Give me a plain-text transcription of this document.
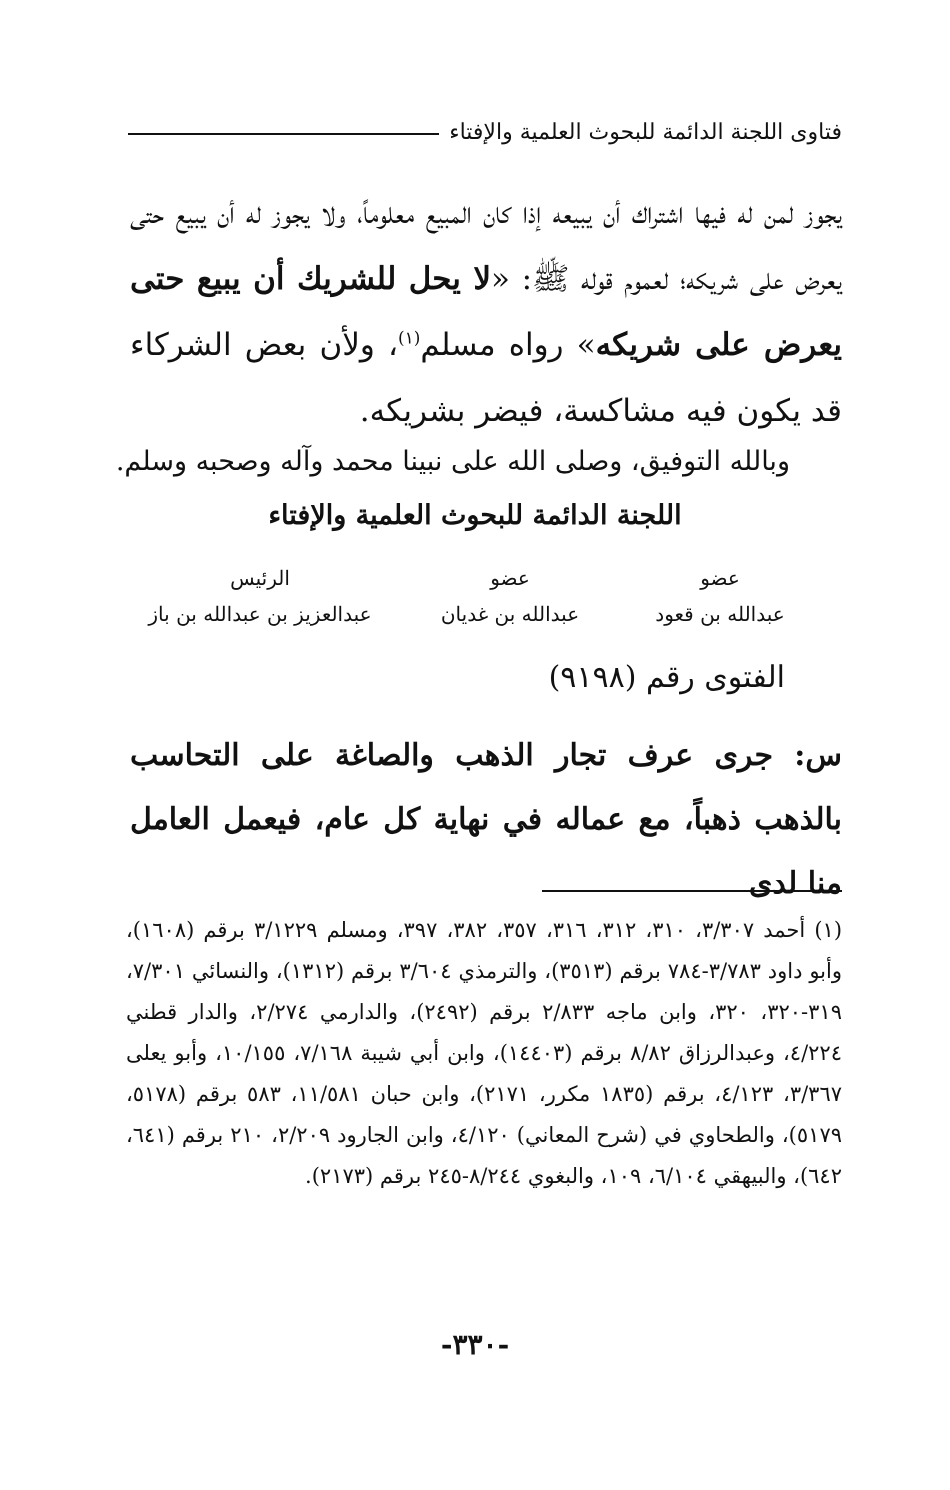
فتاوى اللجنة الدائمة للبحوث العلمية والإفتاء
يجوز لمن له فيها اشتراك أن يبيعه إذا كان المبيع معلوماً، ولا يجوز له أن يبيع حتى يعرض على شريكه؛ لعموم قوله ﷺ: «لا يحل للشريك أن يبيع حتى يعرض على شريكه» رواه مسلم$^{(١)}$، ولأن بعض الشركاء قد يكون فيه مشاكسة، فيضر بشريكه.
وبالله التوفيق، وصلى الله على نبينا محمد وآله وصحبه وسلم.
اللجنة الدائمة للبحوث العلمية والإفتاء
عضو
عبدالله بن قعود
عضو
عبدالله بن غديان
الرئيس
عبدالعزيز بن عبدالله بن باز
الفتوى رقم (٩١٩٨)
س: جرى عرف تجار الذهب والصاغة على التحاسب بالذهب ذهباً، مع عماله في نهاية كل عام، فيعمل العامل منا لدى
(١) أحمد ٣/٣٠٧، ٣١٠، ٣١٢، ٣١٦، ٣٥٧، ٣٨٢، ٣٩٧، ومسلم ٣/١٢٢٩ برقم (١٦٠٨)، وأبو داود ٣/٧٨٣-٧٨٤ برقم (٣٥١٣)، والترمذي ٣/٦٠٤ برقم (١٣١٢)، والنسائي ٧/٣٠١، ٣١٩-٣٢٠، ٣٢٠، وابن ماجه ٢/٨٣٣ برقم (٢٤٩٢)، والدارمي ٢/٢٧٤، والدار قطني ٤/٢٢٤، وعبدالرزاق ٨/٨٢ برقم (١٤٤٠٣)، وابن أبي شيبة ٧/١٦٨، ١٠/١٥٥، وأبو يعلى ٣/٣٦٧، ٤/١٢٣، برقم (١٨٣٥ مكرر، ٢١٧١)، وابن حبان ١١/٥٨١، ٥٨٣ برقم (٥١٧٨، ٥١٧٩)، والطحاوي في (شرح المعاني) ٤/١٢٠، وابن الجارود ٢/٢٠٩، ٢١٠ برقم (٦٤١، ٦٤٢)، والبيهقي ٦/١٠٤، ١٠٩، والبغوي ٨/٢٤٤-٢٤٥ برقم (٢١٧٣).
-٣٣٠-
